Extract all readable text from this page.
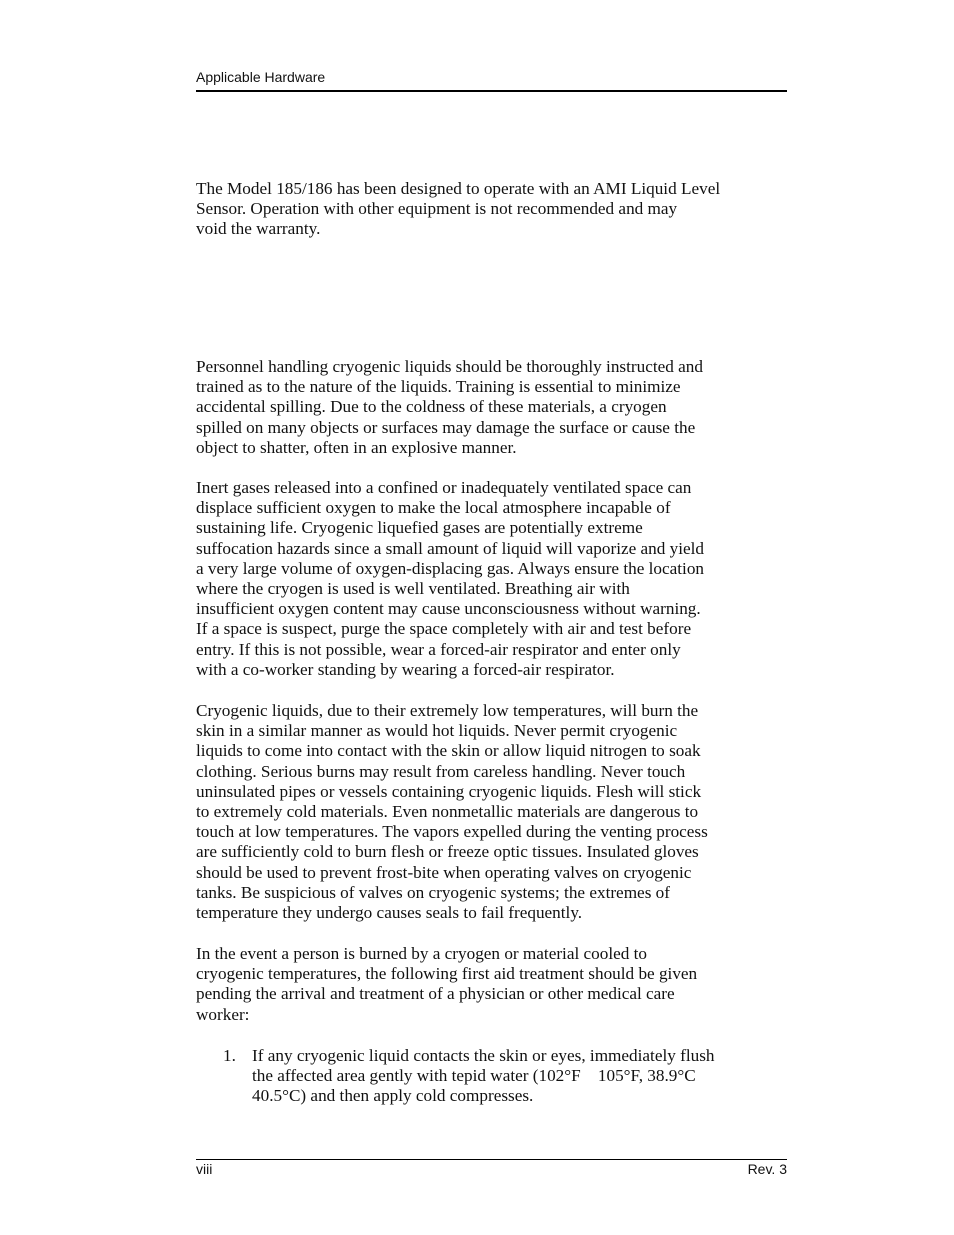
Applicable Hardware
The Model 185/186 has been designed to operate with an AMI Liquid Level
Sensor. Operation with other equipment is not recommended and may
void the warranty.
Personnel handling cryogenic liquids should be thoroughly instructed and
trained as to the nature of the liquids. Training is essential to minimize
accidental spilling. Due to the coldness of these materials, a cryogen
spilled on many objects or surfaces may damage the surface or cause the
object to shatter, often in an explosive manner.
Inert gases released into a confined or inadequately ventilated space can
displace sufficient oxygen to make the local atmosphere incapable of
sustaining life. Cryogenic liquefied gases are potentially extreme
suffocation hazards since a small amount of liquid will vaporize and yield
a very large volume of oxygen-displacing gas. Always ensure the location
where the cryogen is used is well ventilated. Breathing air with
insufficient oxygen content may cause unconsciousness without warning.
If a space is suspect, purge the space completely with air and test before
entry. If this is not possible, wear a forced-air respirator and enter only
with a co-worker standing by wearing a forced-air respirator.
Cryogenic liquids, due to their extremely low temperatures, will burn the
skin in a similar manner as would hot liquids. Never permit cryogenic
liquids to come into contact with the skin or allow liquid nitrogen to soak
clothing. Serious burns may result from careless handling. Never touch
uninsulated pipes or vessels containing cryogenic liquids. Flesh will stick
to extremely cold materials. Even nonmetallic materials are dangerous to
touch at low temperatures. The vapors expelled during the venting process
are sufficiently cold to burn flesh or freeze optic tissues. Insulated gloves
should be used to prevent frost-bite when operating valves on cryogenic
tanks. Be suspicious of valves on cryogenic systems; the extremes of
temperature they undergo causes seals to fail frequently.
In the event a person is burned by a cryogen or material cooled to
cryogenic temperatures, the following first aid treatment should be given
pending the arrival and treatment of a physician or other medical care
worker:
1. If any cryogenic liquid contacts the skin or eyes, immediately flush
the affected area gently with tepid water (102°F    105°F, 38.9°C
40.5°C) and then apply cold compresses.
viii	Rev. 3
